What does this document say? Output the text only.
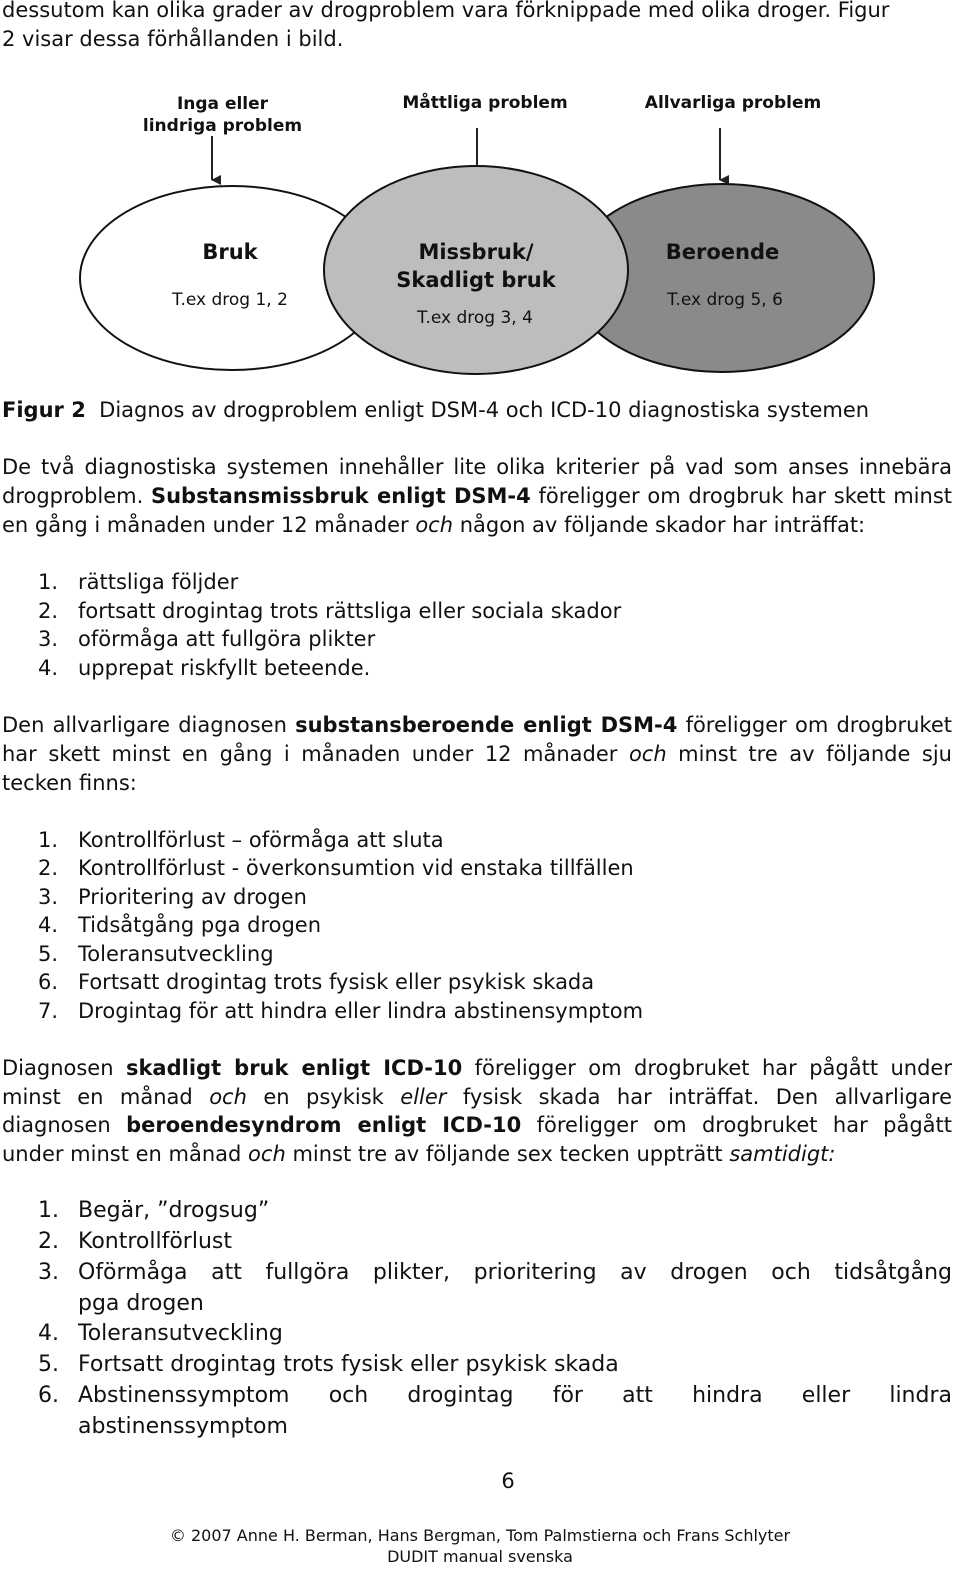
dessutom kan olika grader av drogproblem vara förknippade med olika droger. Figur
2 visar dessa förhållanden i bild.
Inga eller lindriga problem
Måttliga problem	Allvarliga problem
Bruk
T.ex drog 1, 2
Missbruk/ Skadligt bruk
T.ex drog 3, 4
Beroende
T.ex drog 5, 6
Figur 2 Diagnos av drogproblem enligt DSM-4 och ICD-10 diagnostiska systemen
De två diagnostiska systemen innehåller lite olika kriterier på vad som anses innebära
drogproblem. Substansmissbruk enligt DSM-4 föreligger om drogbruk har skett minst
en gång i månaden under 12 månader och någon av följande skador har inträffat:
1. rättsliga följder
2. fortsatt drogintag trots rättsliga eller sociala skador
3. oförmåga att fullgöra plikter
4. upprepat riskfyllt beteende.
Den allvarligare diagnosen substansberoende enligt DSM-4 föreligger om drogbruket
har skett minst en gång i månaden under 12 månader och minst tre av följande sju
tecken finns:
1. Kontrollförlust – oförmåga att sluta
2. Kontrollförlust - överkonsumtion vid enstaka tillfällen
3. Prioritering av drogen
4. Tidsåtgång pga drogen
5. Toleransutveckling
6. Fortsatt drogintag trots fysisk eller psykisk skada
7. Drogintag för att hindra eller lindra abstinensymptom
Diagnosen skadligt bruk enligt ICD-10 föreligger om drogbruket har pågått under
minst en månad och en psykisk eller fysisk skada har inträffat. Den allvarligare
diagnosen beroendesyndrom enligt ICD-10 föreligger om drogbruket har pågått
under minst en månad och minst tre av följande sex tecken uppträtt samtidigt:
1. Begär, ”drogsug”
2. Kontrollförlust
3. Oförmåga att fullgöra plikter, prioritering av drogen och tidsåtgång
pga drogen
4. Toleransutveckling
5. Fortsatt drogintag trots fysisk eller psykisk skada
6. Abstinenssymptom och drogintag för att hindra eller lindra
abstinenssymptom
6
© 2007 Anne H. Berman, Hans Bergman, Tom Palmstierna och Frans Schlyter
DUDIT manual svenska
